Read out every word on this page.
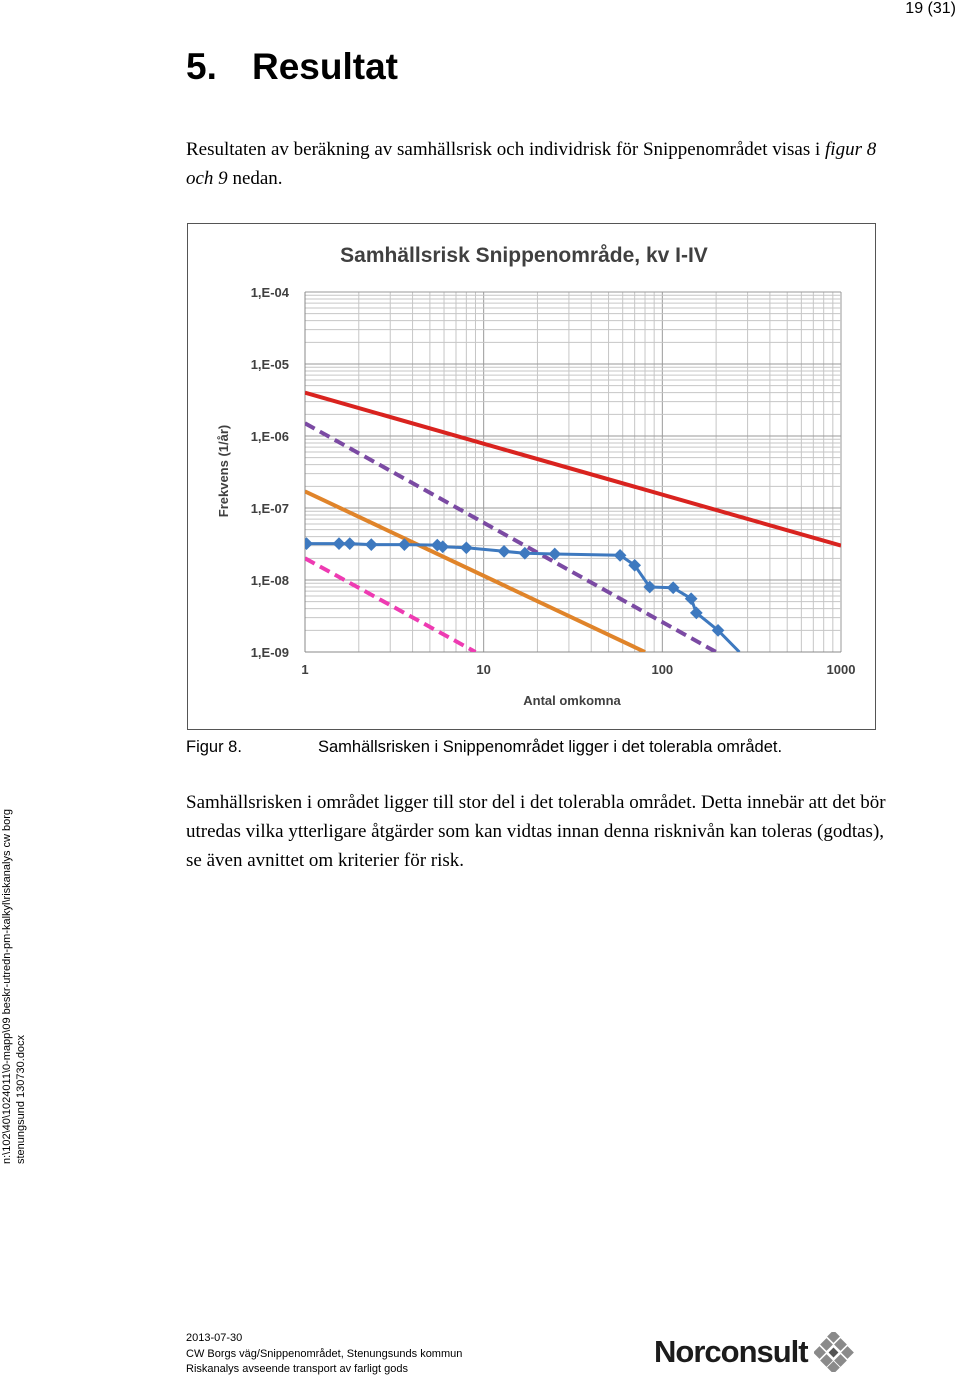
19 (31)
5. Resultat

Resultaten av beräkning av samhällsrisk och individrisk för Snippenområdet visas i figur 8 och 9 nedan.

Samhällsrisk Snippenområde, kv I-IV
Frekvens (1/år)
Antal omkomna
1,E-04
1,E-05
1,E-06
1,E-07
1,E-08
1,E-09
1	10	100	1000
Figur 8.	Samhällsrisken i Snippenområdet ligger i det tolerabla området.

Samhällsrisken i området ligger till stor del i det tolerabla området. Detta innebär att det bör utredas vilka ytterligare åtgärder som kan vidtas innan denna risknivån kan toleras (godtas), se även avnittet om kriterier för risk.

n:\102\40\1024011\0-mapp\09 beskr-utredn-pm-kalkyl\riskanalys cw borg stenungsund 130730.docx
2013-07-30
CW Borgs väg/Snippenområdet, Stenungsunds kommun
Riskanalys avseende transport av farligt gods	Norconsult
